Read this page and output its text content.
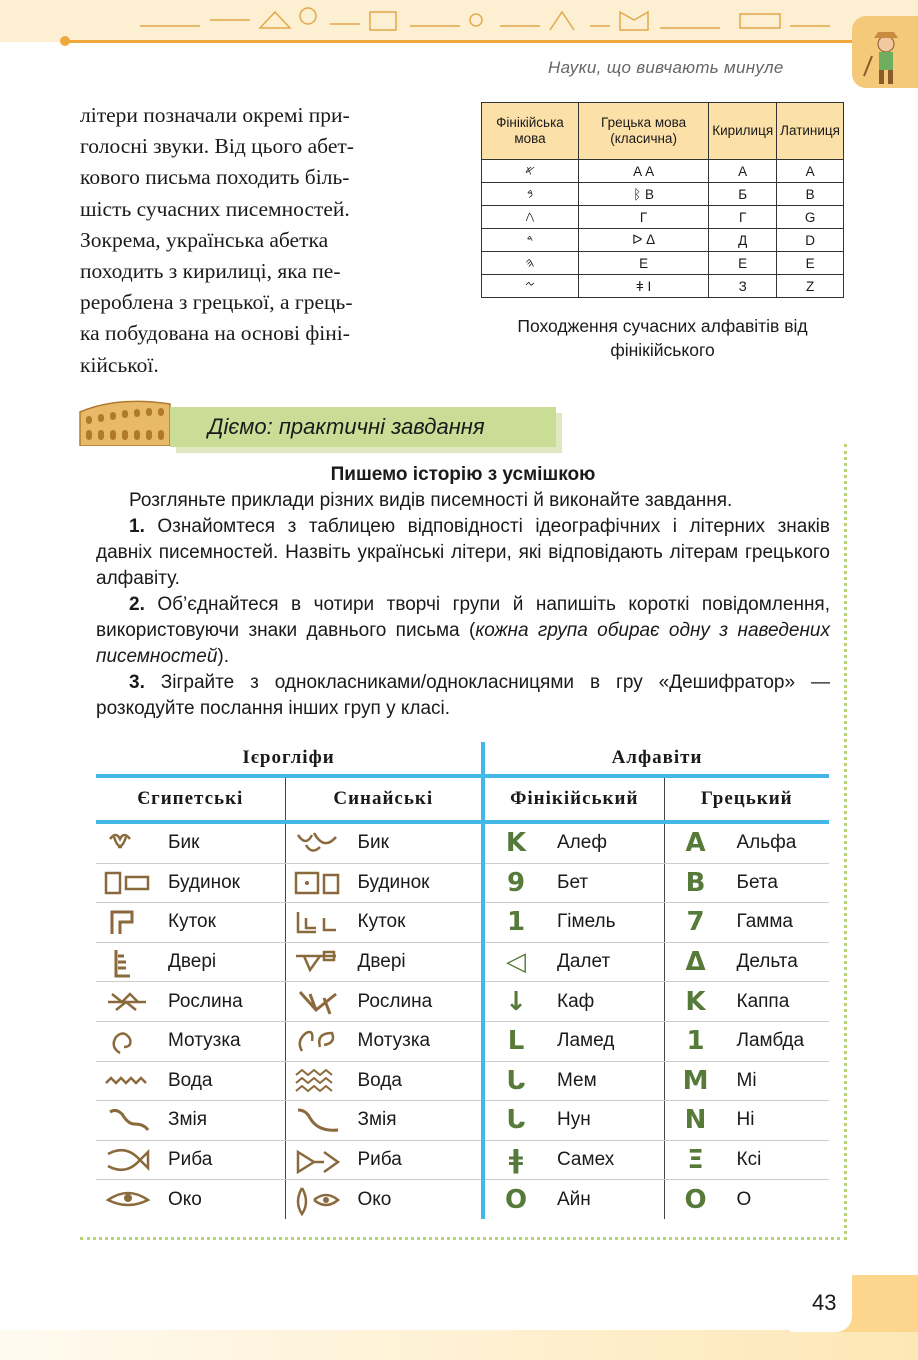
Науки, що вивчають минуле
літери позначали окремі при-
голосні звуки. Від цього абет-
кового письма походить біль-
шість сучасних писемностей.
Зокрема, українська абетка
походить з кирилиці, яка пе-
рероблена з грецької, а грець-
ка побудована на основі фіні-
кійської.
Фінікійська мова	Грецька мова (класична)	Кирилиця	Латиниця
𐤀	Α A	А	A
𐤁	ᛒ B	Б	B
𐤂	Γ	Г	G
𐤃	ᐅ Δ	Д	D
𐤄	E	E	E
𐤆	ǂ I	З	Z
Походження сучасних алфавітів від фінікійського
Діємо: практичні завдання
Пишемо історію з усмішкою

Розгляньте приклади різних видів писемності й виконайте завдання.

1. Ознайомтеся з таблицею відповідності ідеографічних і літерних знаків давніх писемностей. Назвіть українські літери, які відповідають літерам грецького алфавіту.

2. Об’єднайтеся в чотири творчі групи й напишіть короткі повідомлення, використовуючи знаки давнього письма (кожна група обирає одну з наведених писемностей).

3. Зіграйте з однокласниками/однокласницями в гру «Дешифратор» — розкодуйте послання інших груп у класі.

Ієрогліфи		Алфавіти	
Єгипетські	Синайські	Фінікійський	Грецький

Бик	Бик	K Алеф	A Альфа

Будинок	Будинок	9 Бет	B Бета

Куток	Куток	1 Гімель	7 Гамма

Двері	Двері	◁ Далет	Δ Дельта

Рослина	Рослина	↓ Каф	K Каппа

Мотузка	Мотузка	L Ламед	1 Ламбда

Вода	Вода	ᒐ Мем	M Мі

Змія	Змія	ᒐ Нун	N Ні

Риба	Риба	ǂ Самех	Ξ Ксі

Око	Око	O Айн	O О
43
